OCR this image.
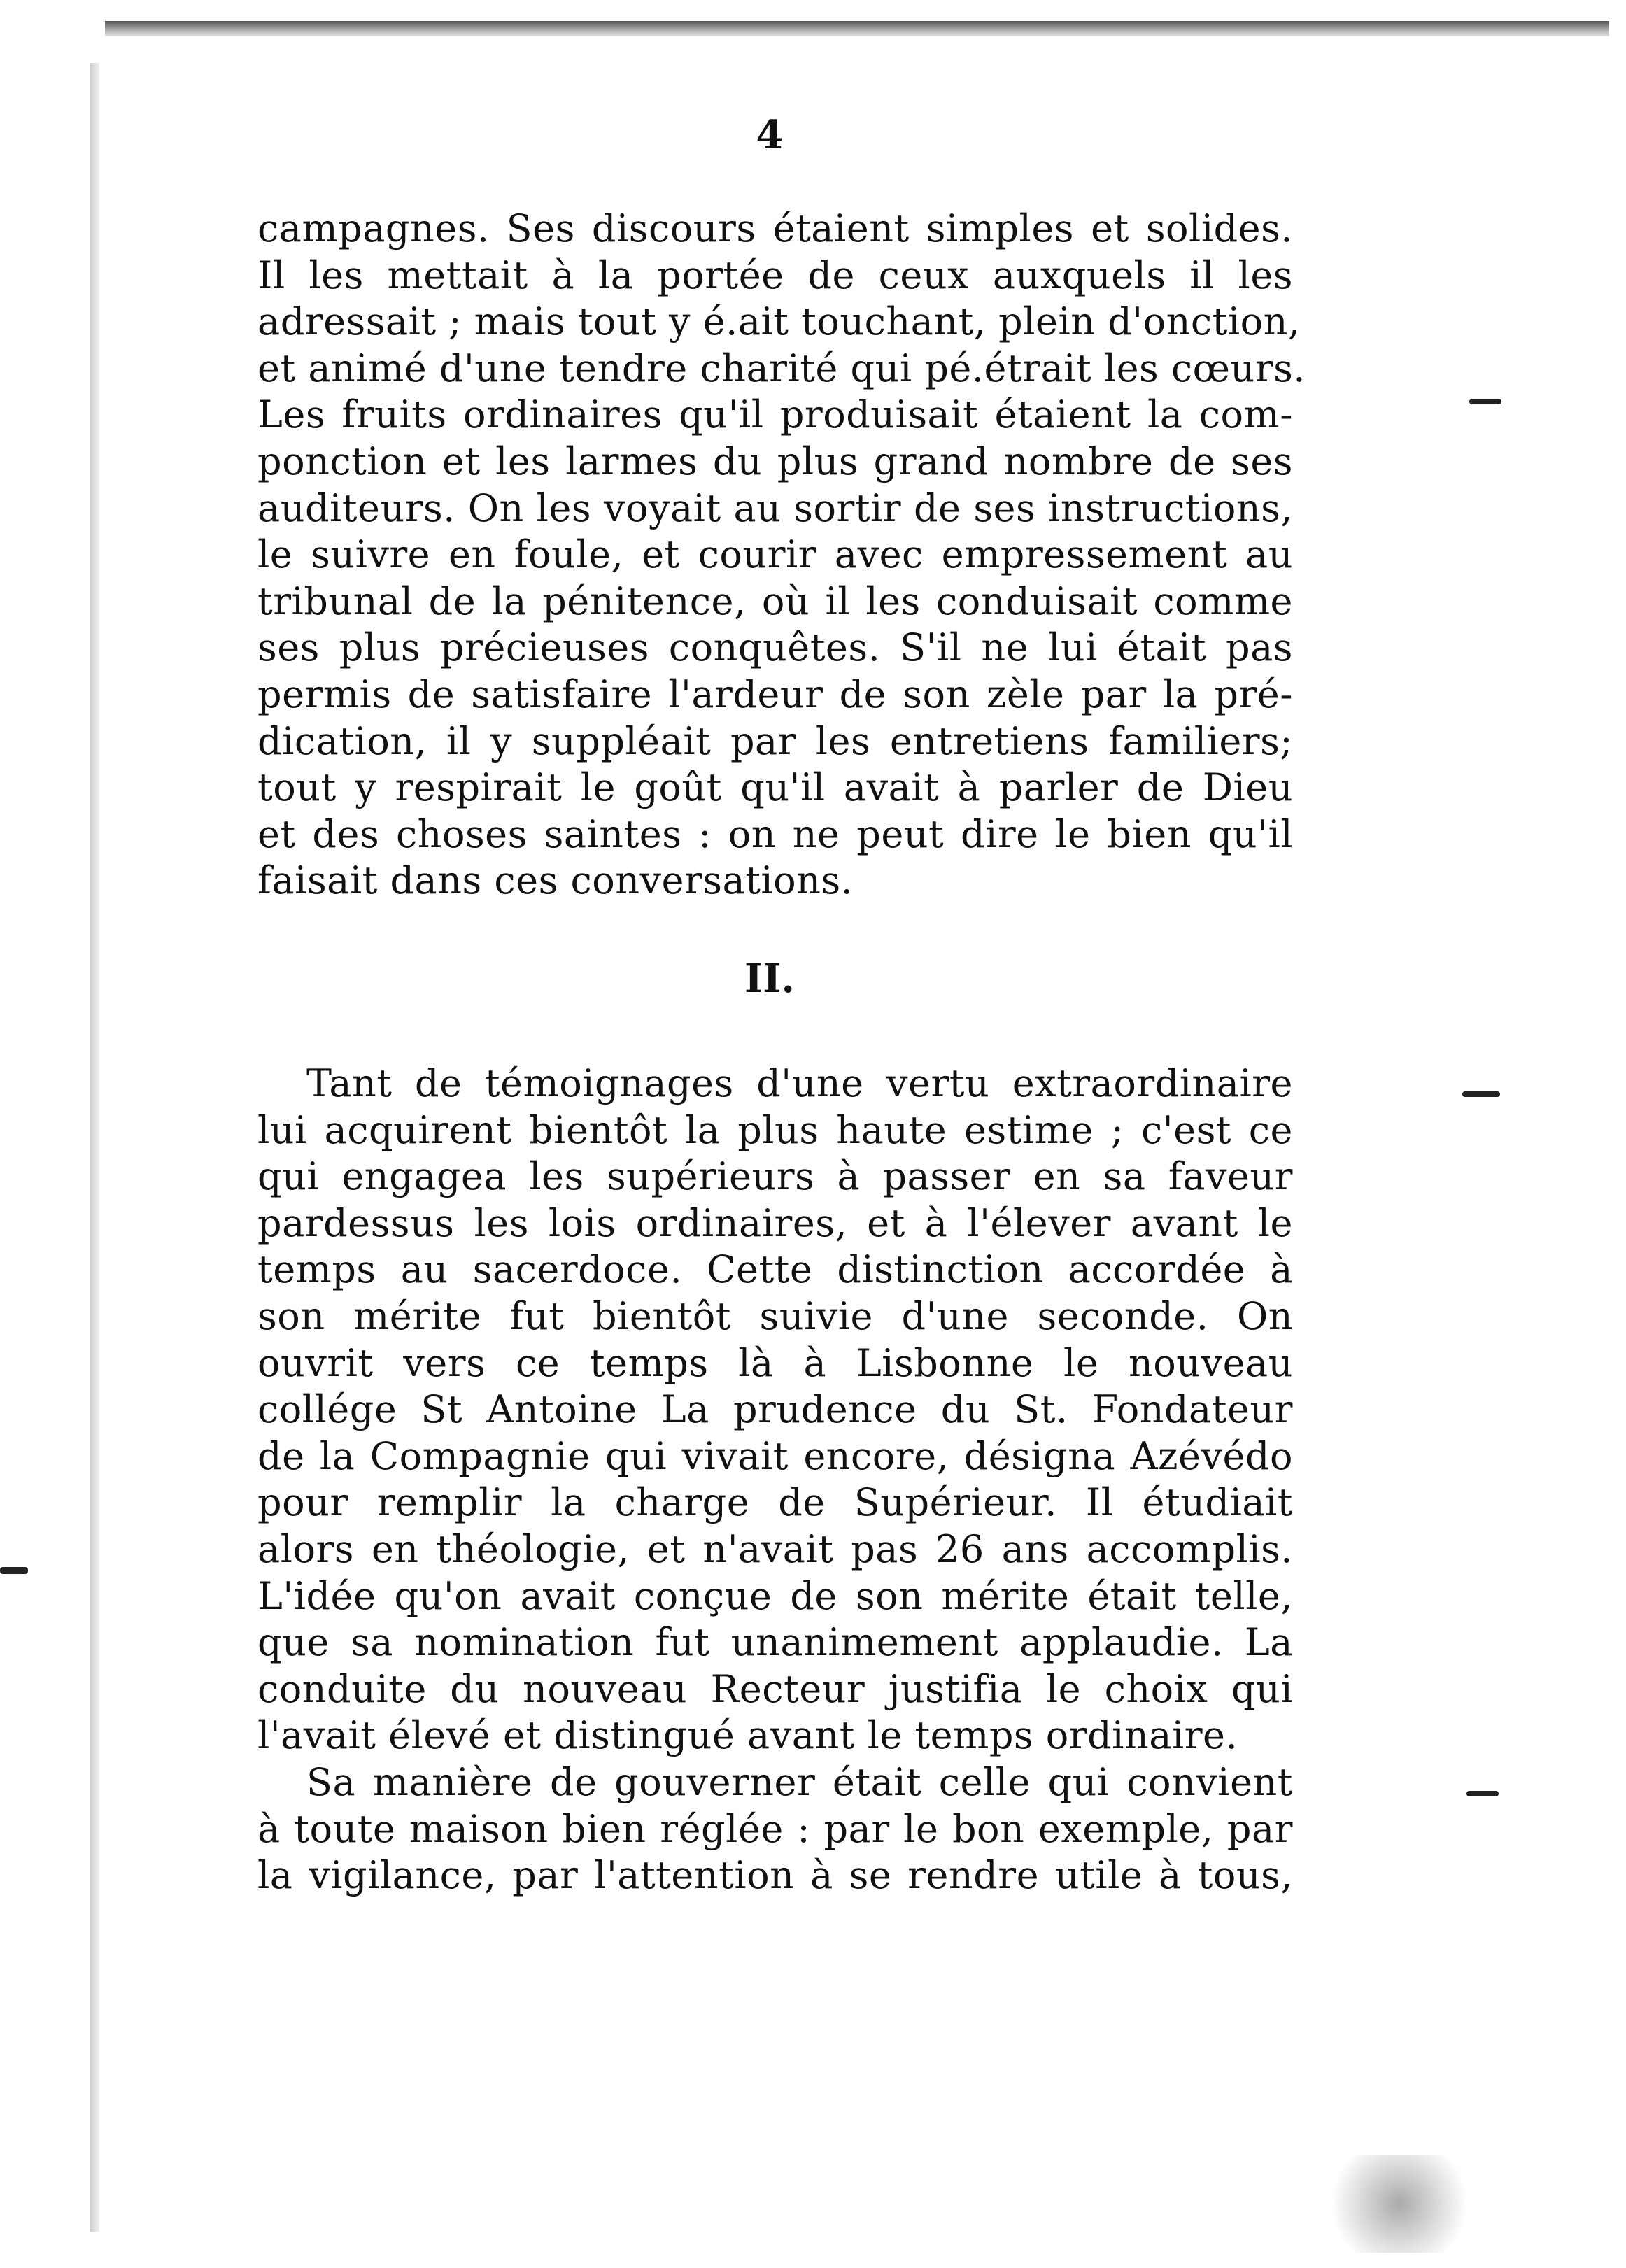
4
campagnes. Ses discours étaient simples et solides.
Il les mettait à la portée de ceux auxquels il les
adressait ; mais tout y é.ait touchant, plein d'onction,
et animé d'une tendre charité qui pé.étrait les cœurs.
Les fruits ordinaires qu'il produisait étaient la com-
ponction et les larmes du plus grand nombre de ses
auditeurs. On les voyait au sortir de ses instructions,
le suivre en foule, et courir avec empressement au
tribunal de la pénitence, où il les conduisait comme
ses plus précieuses conquêtes. S'il ne lui était pas
permis de satisfaire l'ardeur de son zèle par la pré-
dication, il y suppléait par les entretiens familiers;
tout y respirait le goût qu'il avait à parler de Dieu
et des choses saintes : on ne peut dire le bien qu'il
faisait dans ces conversations.
II.
Tant de témoignages d'une vertu extraordinaire
lui acquirent bientôt la plus haute estime ; c'est ce
qui engagea les supérieurs à passer en sa faveur
pardessus les lois ordinaires, et à l'élever avant le
temps au sacerdoce. Cette distinction accordée à
son mérite fut bientôt suivie d'une seconde. On
ouvrit vers ce temps là à Lisbonne le nouveau
collége St Antoine La prudence du St. Fondateur
de la Compagnie qui vivait encore, désigna Azévédo
pour remplir la charge de Supérieur. Il étudiait
alors en théologie, et n'avait pas 26 ans accomplis.
L'idée qu'on avait conçue de son mérite était telle,
que sa nomination fut unanimement applaudie. La
conduite du nouveau Recteur justifia le choix qui
l'avait élevé et distingué avant le temps ordinaire.
Sa manière de gouverner était celle qui convient
à toute maison bien réglée : par le bon exemple, par
la vigilance, par l'attention à se rendre utile à tous,
